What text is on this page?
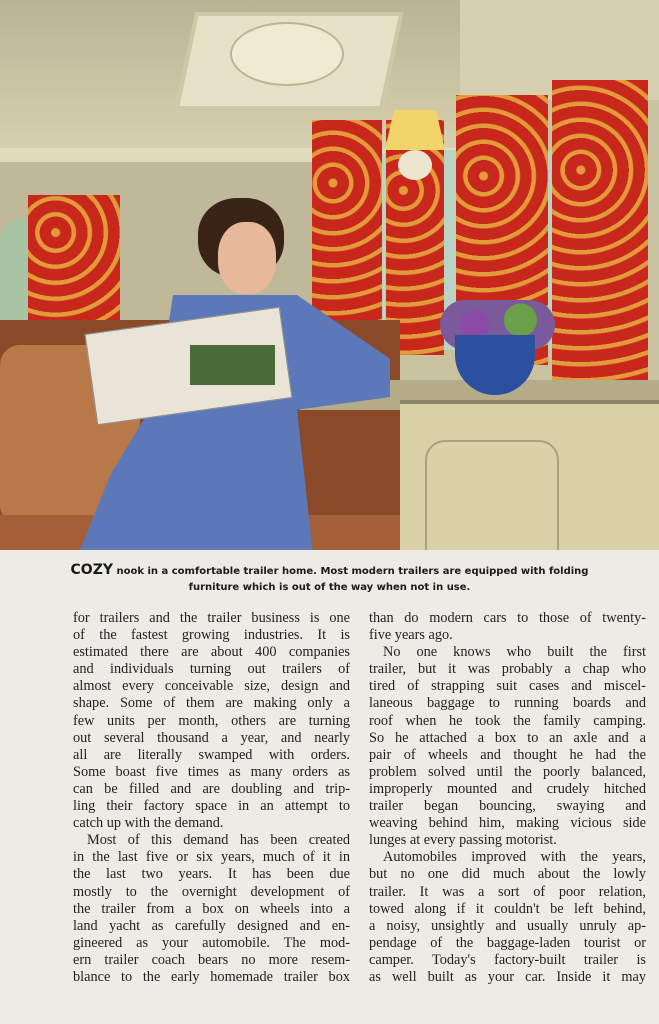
COZY nook in a comfortable trailer home. Most modern trailers are equipped with folding
furniture which is out of the way when not in use.
for trailers and the trailer business is one
of the fastest growing industries. It is
estimated there are about 400 companies
and individuals turning out trailers of
almost every conceivable size, design and
shape. Some of them are making only a
few units per month, others are turning
out several thousand a year, and nearly
all are literally swamped with orders.
Some boast five times as many orders as
can be filled and are doubling and trip-
ling their factory space in an attempt to
catch up with the demand.
Most of this demand has been created
in the last five or six years, much of it in
the last two years. It has been due
mostly to the overnight development of
the trailer from a box on wheels into a
land yacht as carefully designed and en-
gineered as your automobile. The mod-
ern trailer coach bears no more resem-
blance to the early homemade trailer box
than do modern cars to those of twenty-
five years ago.
No one knows who built the first
trailer, but it was probably a chap who
tired of strapping suit cases and miscel-
laneous baggage to running boards and
roof when he took the family camping.
So he attached a box to an axle and a
pair of wheels and thought he had the
problem solved until the poorly balanced,
improperly mounted and crudely hitched
trailer began bouncing, swaying and
weaving behind him, making vicious side
lunges at every passing motorist.
Automobiles improved with the years,
but no one did much about the lowly
trailer. It was a sort of poor relation,
towed along if it couldn't be left behind,
a noisy, unsightly and usually unruly ap-
pendage of the baggage-laden tourist or
camper. Today's factory-built trailer is
as well built as your car. Inside it may
